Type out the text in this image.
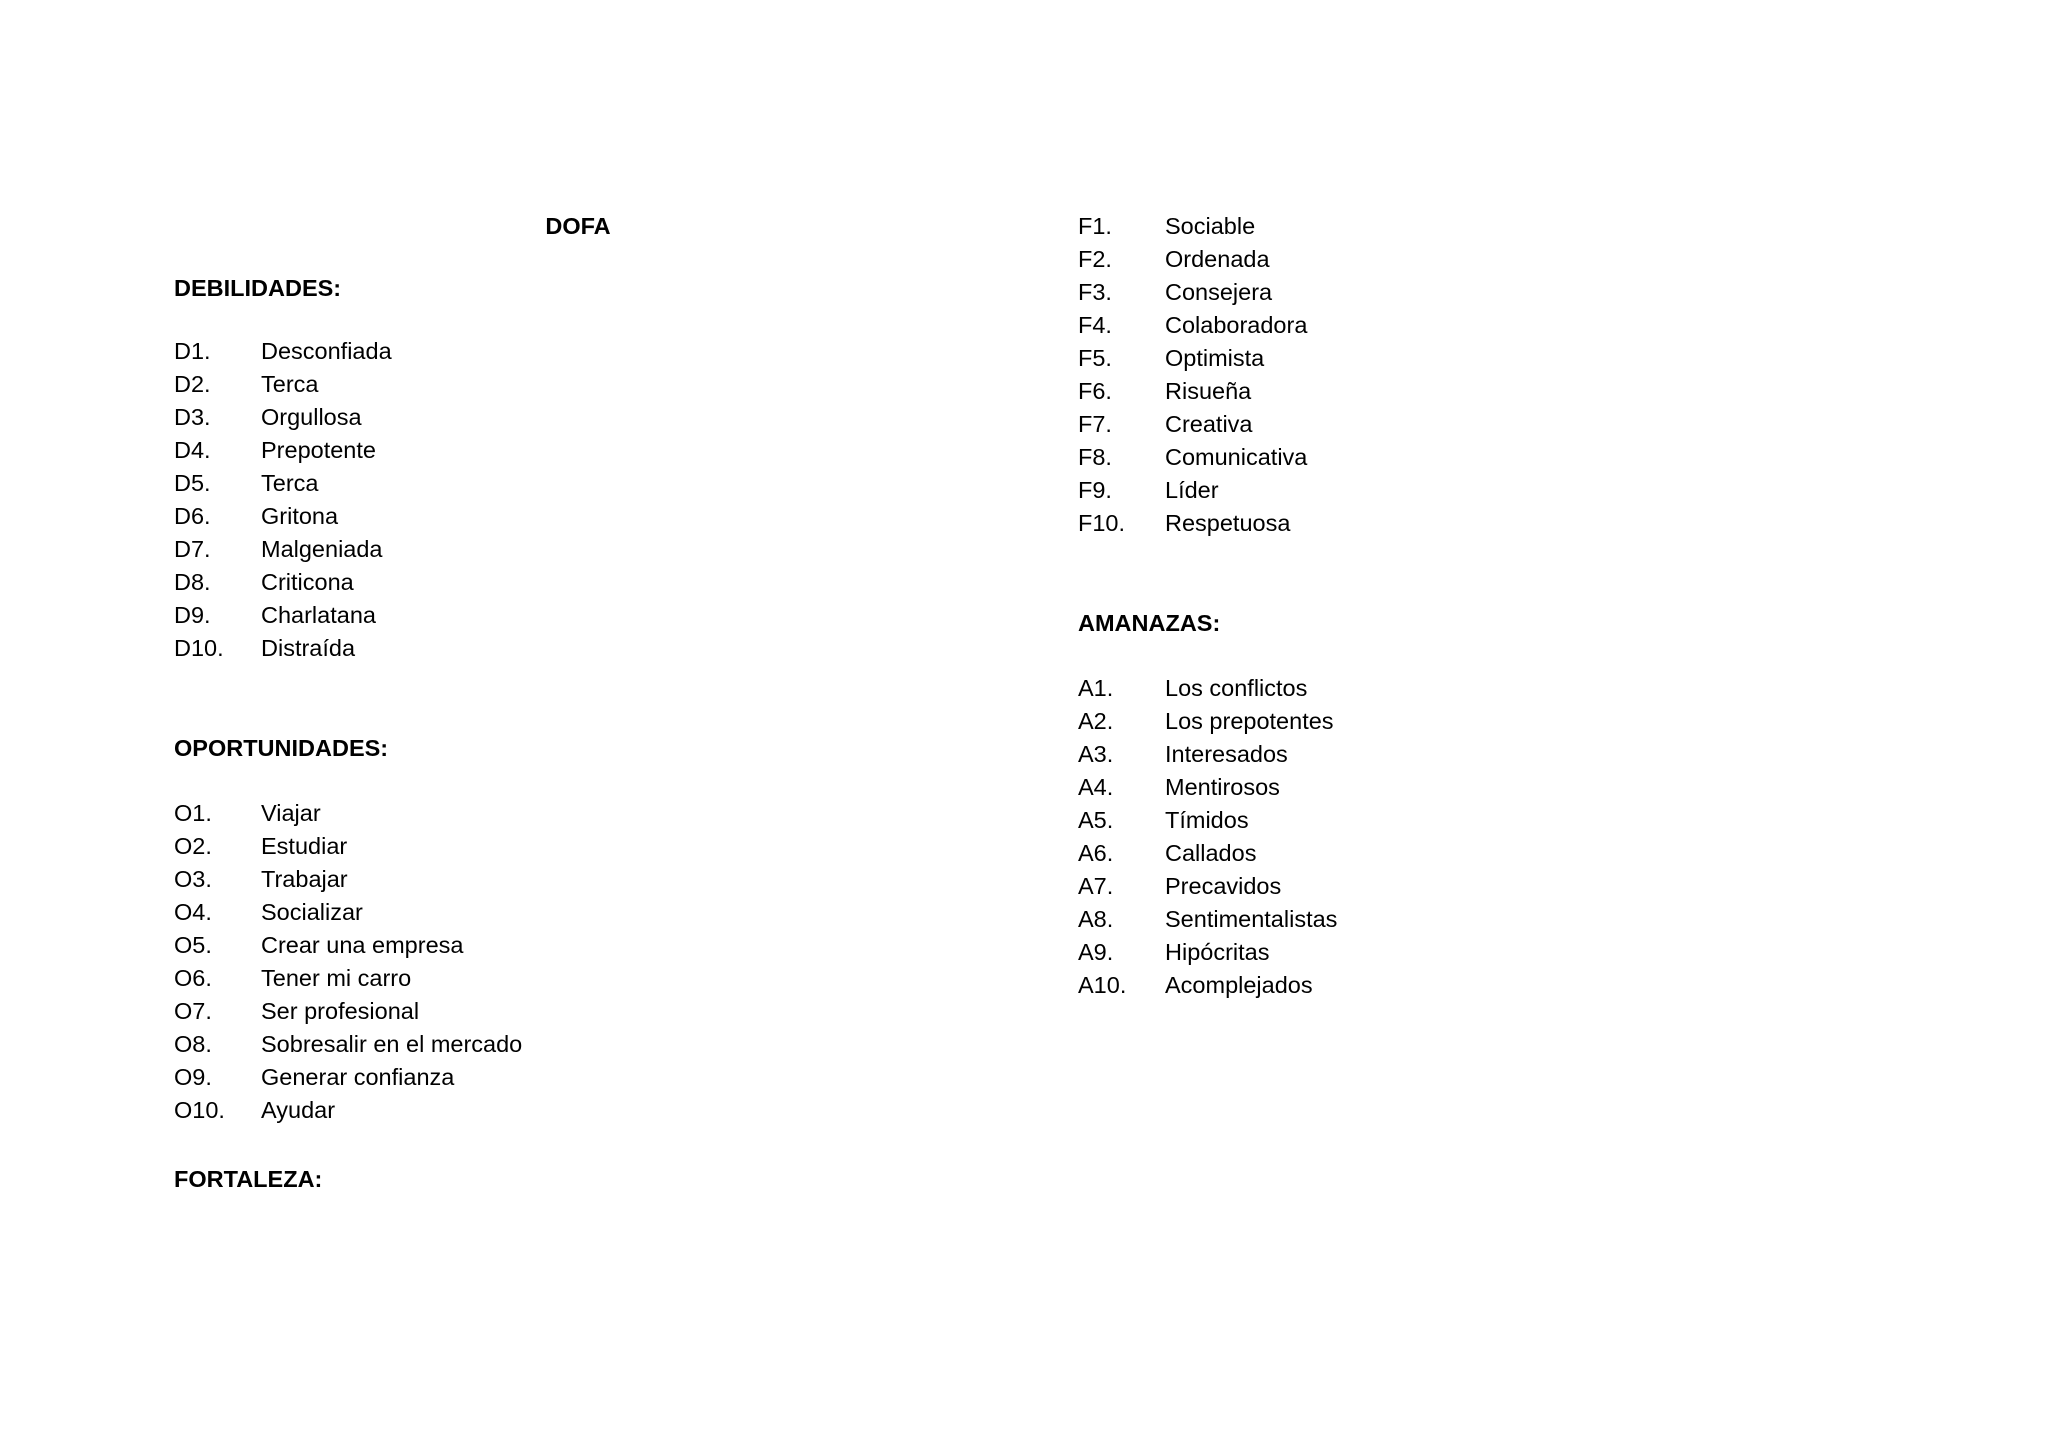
DOFA
DEBILIDADES:
D1.	Desconfiada
D2.	Terca
D3.	Orgullosa
D4.	Prepotente
D5.	Terca
D6.	Gritona
D7.	Malgeniada
D8.	Criticona
D9.	Charlatana
D10.	Distraída
OPORTUNIDADES:
O1.	Viajar
O2.	Estudiar
O3.	Trabajar
O4.	Socializar
O5.	Crear una empresa
O6.	Tener mi carro
O7.	Ser profesional
O8.	Sobresalir en el mercado
O9.	Generar confianza
O10.	Ayudar
FORTALEZA:
F1.	Sociable
F2.	Ordenada
F3.	Consejera
F4.	Colaboradora
F5.	Optimista
F6.	Risueña
F7.	Creativa
F8.	Comunicativa
F9.	Líder
F10.	Respetuosa
AMANAZAS:
A1.	Los conflictos
A2.	Los prepotentes
A3.	Interesados
A4.	Mentirosos
A5.	Tímidos
A6.	Callados
A7.	Precavidos
A8.	Sentimentalistas
A9.	Hipócritas
A10.	Acomplejados
